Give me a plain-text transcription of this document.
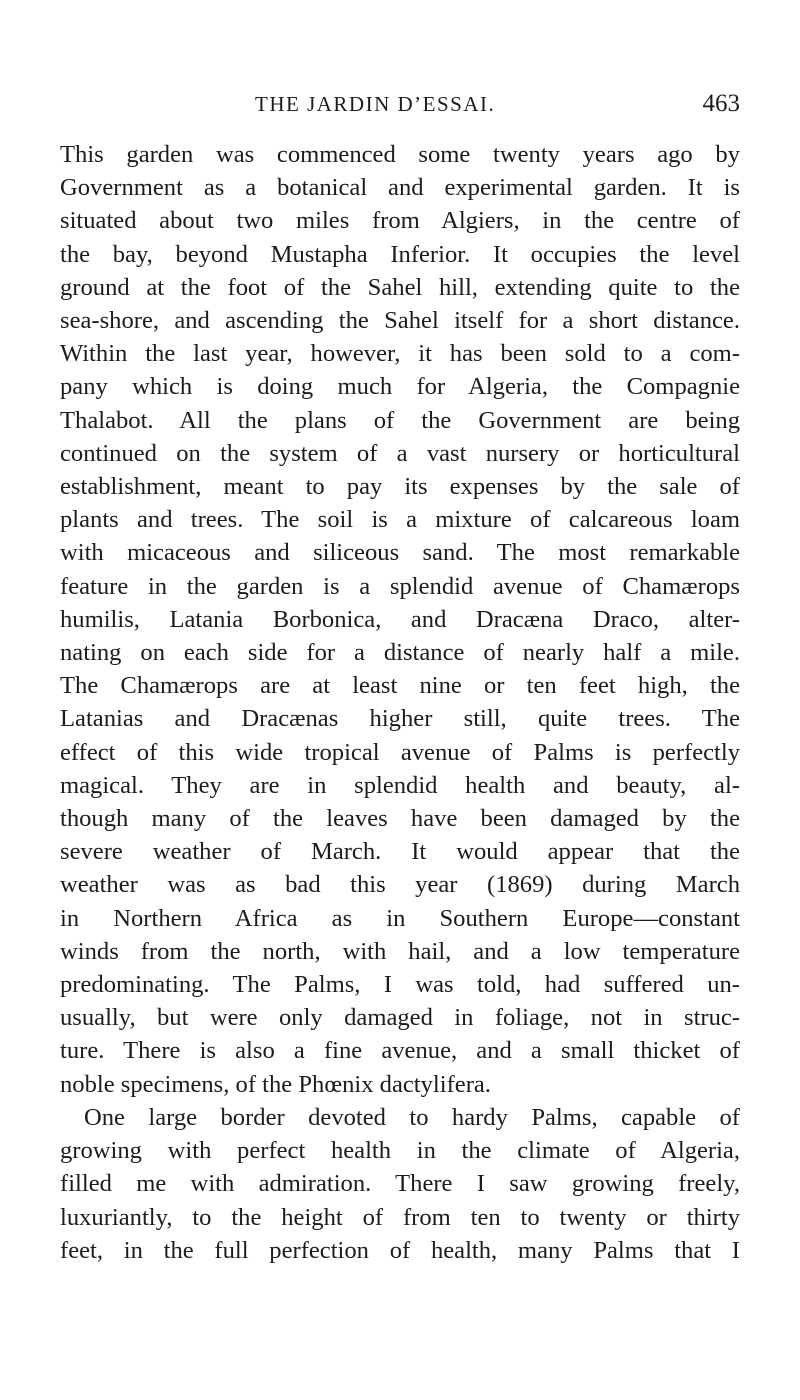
THE JARDIN D’ESSAI.	463

This garden was commenced some twenty years ago by
Government as a botanical and experimental garden. It is
situated about two miles from Algiers, in the centre of
the bay, beyond Mustapha Inferior. It occupies the level
ground at the foot of the Sahel hill, extending quite to the
sea-shore, and ascending the Sahel itself for a short distance.
Within the last year, however, it has been sold to a com-
pany which is doing much for Algeria, the Compagnie
Thalabot. All the plans of the Government are being
continued on the system of a vast nursery or horticultural
establishment, meant to pay its expenses by the sale of
plants and trees. The soil is a mixture of calcareous loam
with micaceous and siliceous sand. The most remarkable
feature in the garden is a splendid avenue of Chamærops
humilis, Latania Borbonica, and Dracæna Draco, alter-
nating on each side for a distance of nearly half a mile.
The Chamærops are at least nine or ten feet high, the
Latanias and Dracænas higher still, quite trees. The
effect of this wide tropical avenue of Palms is perfectly
magical. They are in splendid health and beauty, al-
though many of the leaves have been damaged by the
severe weather of March. It would appear that the
weather was as bad this year (1869) during March
in Northern Africa as in Southern Europe—constant
winds from the north, with hail, and a low temperature
predominating. The Palms, I was told, had suffered un-
usually, but were only damaged in foliage, not in struc-
ture. There is also a fine avenue, and a small thicket of
noble specimens, of the Phœnix dactylifera.

One large border devoted to hardy Palms, capable of
growing with perfect health in the climate of Algeria,
filled me with admiration. There I saw growing freely,
luxuriantly, to the height of from ten to twenty or thirty
feet, in the full perfection of health, many Palms that I
